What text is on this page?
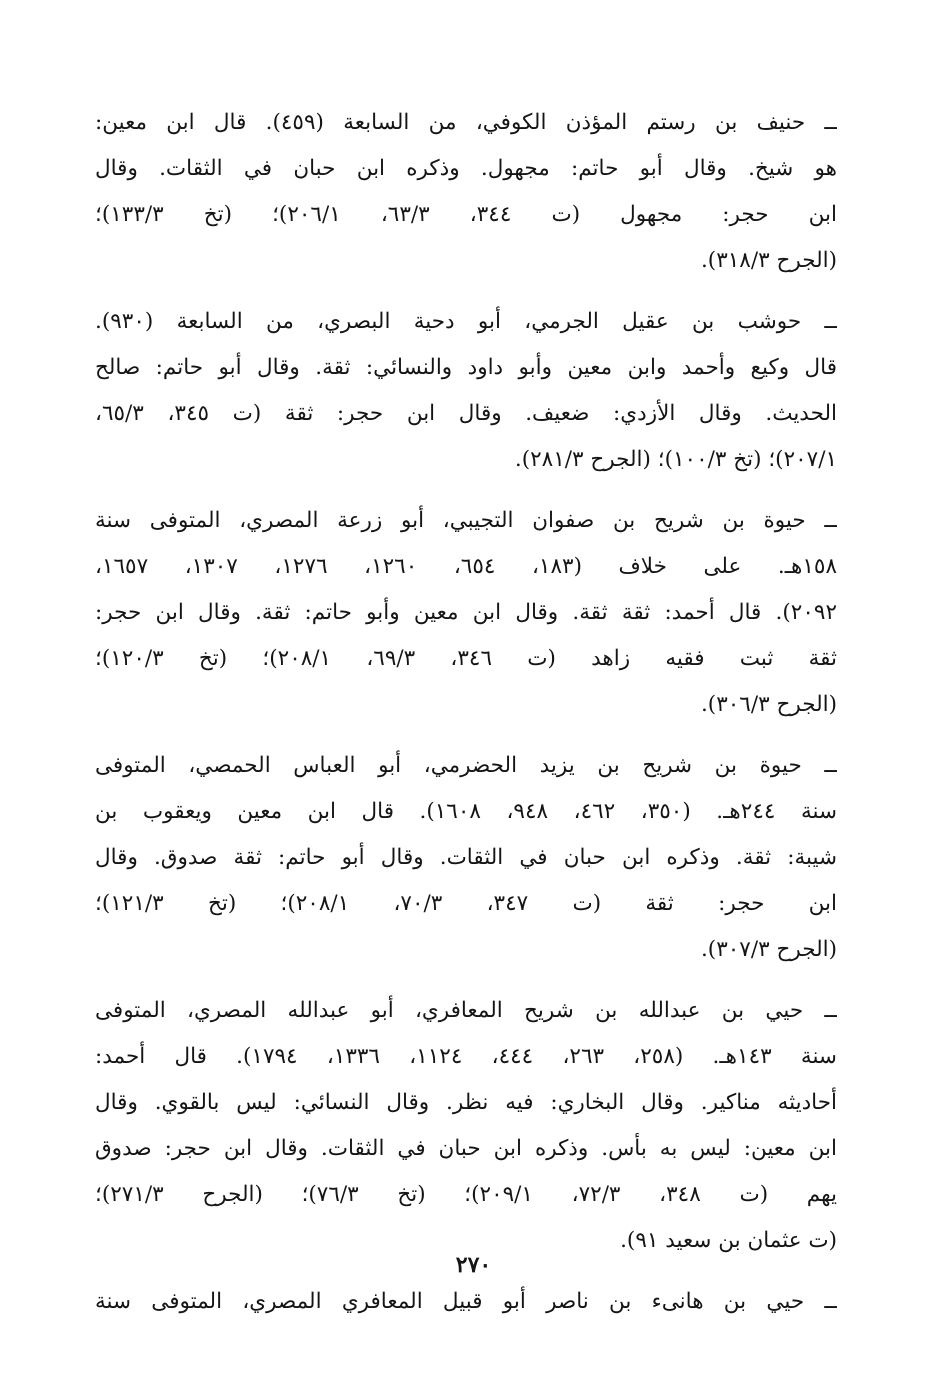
ــ حنيف بن رستم المؤذن الكوفي، من السابعة (٤٥٩). قال ابن معين:
هو شيخ. وقال أبو حاتم: مجهول. وذكره ابن حبان في الثقات. وقال
ابن حجر: مجهول (ت ٣٤٤، ٦٣/٣، ٢٠٦/١)؛ (تخ ١٣٣/٣)؛
(الجرح ٣١٨/٣).
ــ حوشب بن عقيل الجرمي، أبو دحية البصري، من السابعة (٩٣٠).
قال وكيع وأحمد وابن معين وأبو داود والنسائي: ثقة. وقال أبو حاتم: صالح
الحديث. وقال الأزدي: ضعيف. وقال ابن حجر: ثقة (ت ٣٤٥، ٦٥/٣،
٢٠٧/١)؛ (تخ ١٠٠/٣)؛ (الجرح ٢٨١/٣).
ــ حيوة بن شريح بن صفوان التجيبي، أبو زرعة المصري، المتوفى سنة
١٥٨هـ. على خلاف (١٨٣، ٦٥٤، ١٢٦٠، ١٢٧٦، ١٣٠٧، ١٦٥٧،
٢٠٩٢). قال أحمد: ثقة ثقة. وقال ابن معين وأبو حاتم: ثقة. وقال ابن حجر:
ثقة ثبت فقيه زاهد (ت ٣٤٦، ٦٩/٣، ٢٠٨/١)؛ (تخ ١٢٠/٣)؛
(الجرح ٣٠٦/٣).
ــ حيوة بن شريح بن يزيد الحضرمي، أبو العباس الحمصي، المتوفى
سنة ٢٤٤هـ. (٣٥٠، ٤٦٢، ٩٤٨، ١٦٠٨). قال ابن معين ويعقوب بن
شيبة: ثقة. وذكره ابن حبان في الثقات. وقال أبو حاتم: ثقة صدوق. وقال
ابن حجر: ثقة (ت ٣٤٧، ٧٠/٣، ٢٠٨/١)؛ (تخ ١٢١/٣)؛
(الجرح ٣٠٧/٣).
ــ حيي بن عبدالله بن شريح المعافري، أبو عبدالله المصري، المتوفى
سنة ١٤٣هـ. (٢٥٨، ٢٦٣، ٤٤٤، ١١٢٤، ١٣٣٦، ١٧٩٤). قال أحمد:
أحاديثه مناكير. وقال البخاري: فيه نظر. وقال النسائي: ليس بالقوي. وقال
ابن معين: ليس به بأس. وذكره ابن حبان في الثقات. وقال ابن حجر: صدوق
يهم (ت ٣٤٨، ٧٢/٣، ٢٠٩/١)؛ (تخ ٧٦/٣)؛ (الجرح ٢٧١/٣)؛
(ت عثمان بن سعيد ٩١).
ــ حيي بن هانىء بن ناصر أبو قبيل المعافري المصري، المتوفى سنة
٢٧٠
